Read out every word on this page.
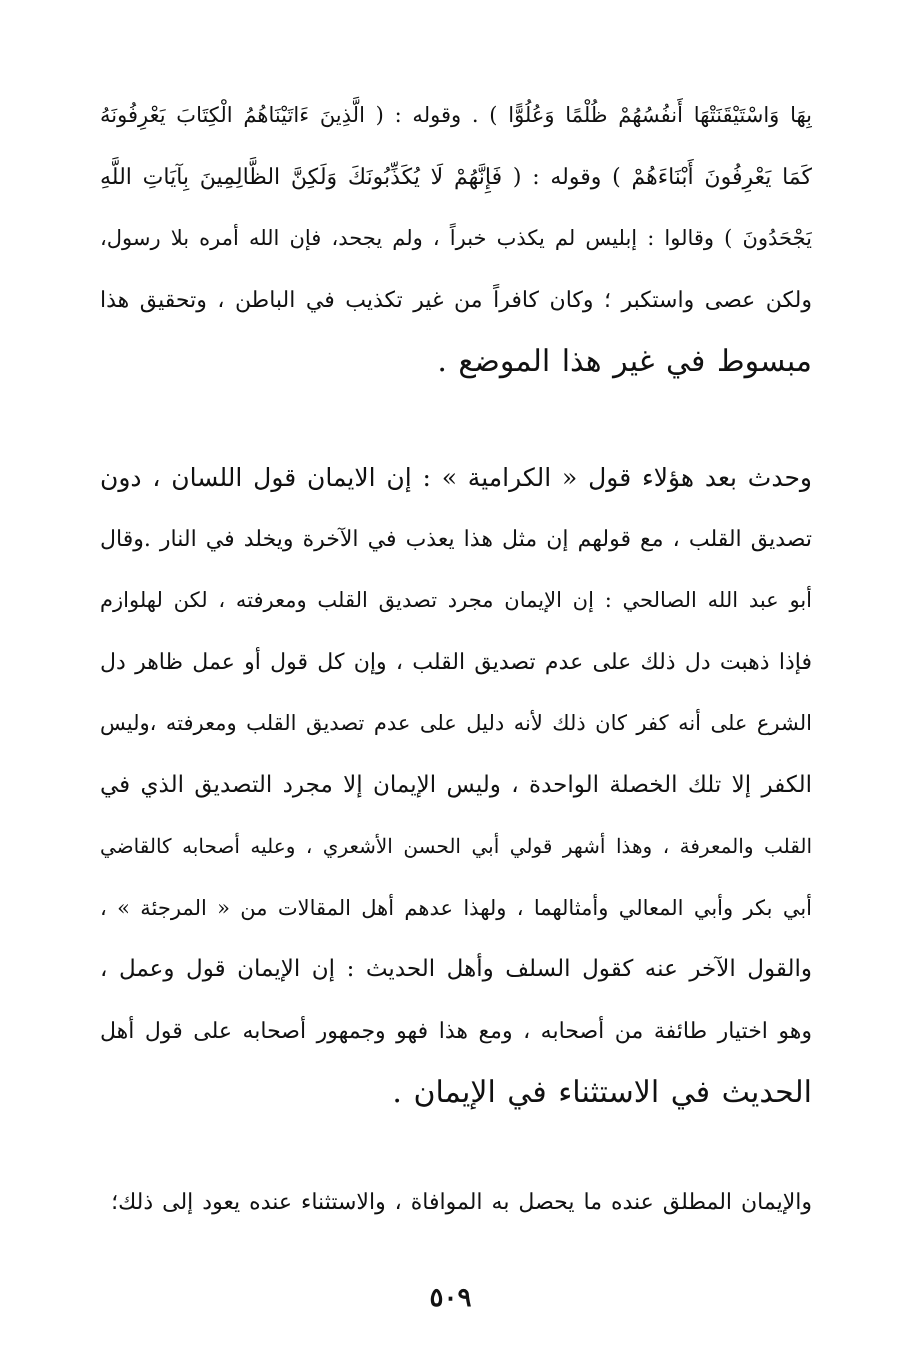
بِهَا وَاسْتَيْقَنَتْهَا أَنفُسُهُمْ ظُلْمًا وَعُلُوًّا ) . وقوله : ( الَّذِينَ ءَاتَيْنَاهُمُ الْكِتَابَ يَعْرِفُونَهُ
كَمَا يَعْرِفُونَ أَبْنَاءَهُمْ ) وقوله : ( فَإِنَّهُمْ لَا يُكَذِّبُونَكَ وَلَكِنَّ الظَّالِمِينَ بِآيَاتِ اللَّهِ
يَجْحَدُونَ ) وقالوا : إبليس لم يكذب خبراً ، ولم يجحد، فإن الله أمره بلا رسول،
ولكن عصى واستكبر ؛ وكان كافراً من غير تكذيب في الباطن ، وتحقيق هذا
مبسوط في غير هذا الموضع .
وحدث بعد هؤلاء قول « الكرامية » : إن الايمان قول اللسان ، دون
تصديق القلب ، مع قولهم إن مثل هذا يعذب في الآخرة ويخلد في النار .وقال
أبو عبد الله الصالحي : إن الإيمان مجرد تصديق القلب ومعرفته ، لكن لهلوازم
فإذا ذهبت دل ذلك على عدم تصديق القلب ، وإن كل قول أو عمل ظاهر دل
الشرع على أنه كفر كان ذلك لأنه دليل على عدم تصديق القلب ومعرفته ،وليس
الكفر إلا تلك الخصلة الواحدة ، وليس الإيمان إلا مجرد التصديق الذي في
القلب والمعرفة ، وهذا أشهر قولي أبي الحسن الأشعري ، وعليه أصحابه كالقاضي
أبي بكر وأبي المعالي وأمثالهما ، ولهذا عدهم أهل المقالات من « المرجئة » ،
والقول الآخر عنه كقول السلف وأهل الحديث : إن الإيمان قول وعمل ،
وهو اختيار طائفة من أصحابه ، ومع هذا فهو وجمهور أصحابه على قول أهل
الحديث في الاستثناء في الإيمان .
والإيمان المطلق عنده ما يحصل به الموافاة ، والاستثناء عنده يعود إلى ذلك؛
٥٠٩
